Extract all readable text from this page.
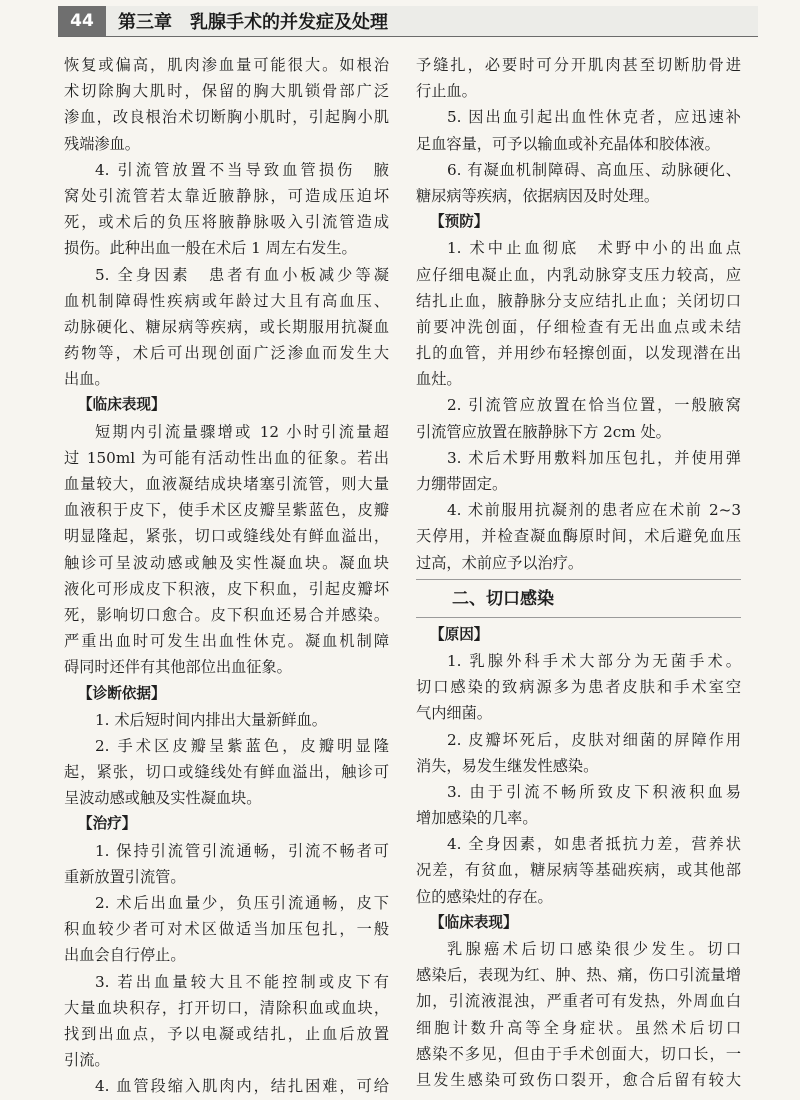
44	第三章　乳腺手术的并发症及处理
恢复或偏高，肌肉渗血量可能很大。如根治
术切除胸大肌时，保留的胸大肌锁骨部广泛
渗血，改良根治术切断胸小肌时，引起胸小肌
残端渗血。
4. 引流管放置不当导致血管损伤　腋
窝处引流管若太靠近腋静脉，可造成压迫坏
死，或术后的负压将腋静脉吸入引流管造成
损伤。此种出血一般在术后 1 周左右发生。
5. 全身因素　患者有血小板减少等凝
血机制障碍性疾病或年龄过大且有高血压、
动脉硬化、糖尿病等疾病，或长期服用抗凝血
药物等，术后可出现创面广泛渗血而发生大
出血。
【临床表现】
短期内引流量骤增或 12 小时引流量超
过 150ml 为可能有活动性出血的征象。若出
血量较大，血液凝结成块堵塞引流管，则大量
血液积于皮下，使手术区皮瓣呈紫蓝色，皮瓣
明显隆起，紧张，切口或缝线处有鲜血溢出，
触诊可呈波动感或触及实性凝血块。凝血块
液化可形成皮下积液，皮下积血，引起皮瓣坏
死，影响切口愈合。皮下积血还易合并感染。
严重出血时可发生出血性休克。凝血机制障
碍同时还伴有其他部位出血征象。
【诊断依据】
1. 术后短时间内排出大量新鲜血。
2. 手术区皮瓣呈紫蓝色，皮瓣明显隆
起，紧张，切口或缝线处有鲜血溢出，触诊可
呈波动感或触及实性凝血块。
【治疗】
1. 保持引流管引流通畅，引流不畅者可
重新放置引流管。
2. 术后出血量少，负压引流通畅，皮下
积血较少者可对术区做适当加压包扎，一般
出血会自行停止。
3. 若出血量较大且不能控制或皮下有
大量血块积存，打开切口，清除积血或血块，
找到出血点，予以电凝或结扎，止血后放置
引流。
4. 血管段缩入肌肉内，结扎困难，可给
予缝扎，必要时可分开肌肉甚至切断肋骨进
行止血。
5. 因出血引起出血性休克者，应迅速补
足血容量，可予以输血或补充晶体和胶体液。
6. 有凝血机制障碍、高血压、动脉硬化、
糖尿病等疾病，依据病因及时处理。
【预防】
1. 术中止血彻底　术野中小的出血点
应仔细电凝止血，内乳动脉穿支压力较高，应
结扎止血，腋静脉分支应结扎止血；关闭切口
前要冲洗创面，仔细检查有无出血点或未结
扎的血管，并用纱布轻擦创面，以发现潜在出
血灶。
2. 引流管应放置在恰当位置，一般腋窝
引流管应放置在腋静脉下方 2cm 处。
3. 术后术野用敷料加压包扎，并使用弹
力绷带固定。
4. 术前服用抗凝剂的患者应在术前 2~3
天停用，并检查凝血酶原时间，术后避免血压
过高，术前应予以治疗。
二、切口感染
【原因】
1. 乳腺外科手术大部分为无菌手术。
切口感染的致病源多为患者皮肤和手术室空
气内细菌。
2. 皮瓣坏死后，皮肤对细菌的屏障作用
消失，易发生继发性感染。
3. 由于引流不畅所致皮下积液积血易
增加感染的几率。
4. 全身因素，如患者抵抗力差，营养状
况差，有贫血，糖尿病等基础疾病，或其他部
位的感染灶的存在。
【临床表现】
乳腺癌术后切口感染很少发生。切口
感染后，表现为红、肿、热、痛，伤口引流量增
加，引流液混浊，严重者可有发热，外周血白
细胞计数升高等全身症状。虽然术后切口
感染不多见，但由于手术创面大，切口长，一
旦发生感染可致伤口裂开，愈合后留有较大
